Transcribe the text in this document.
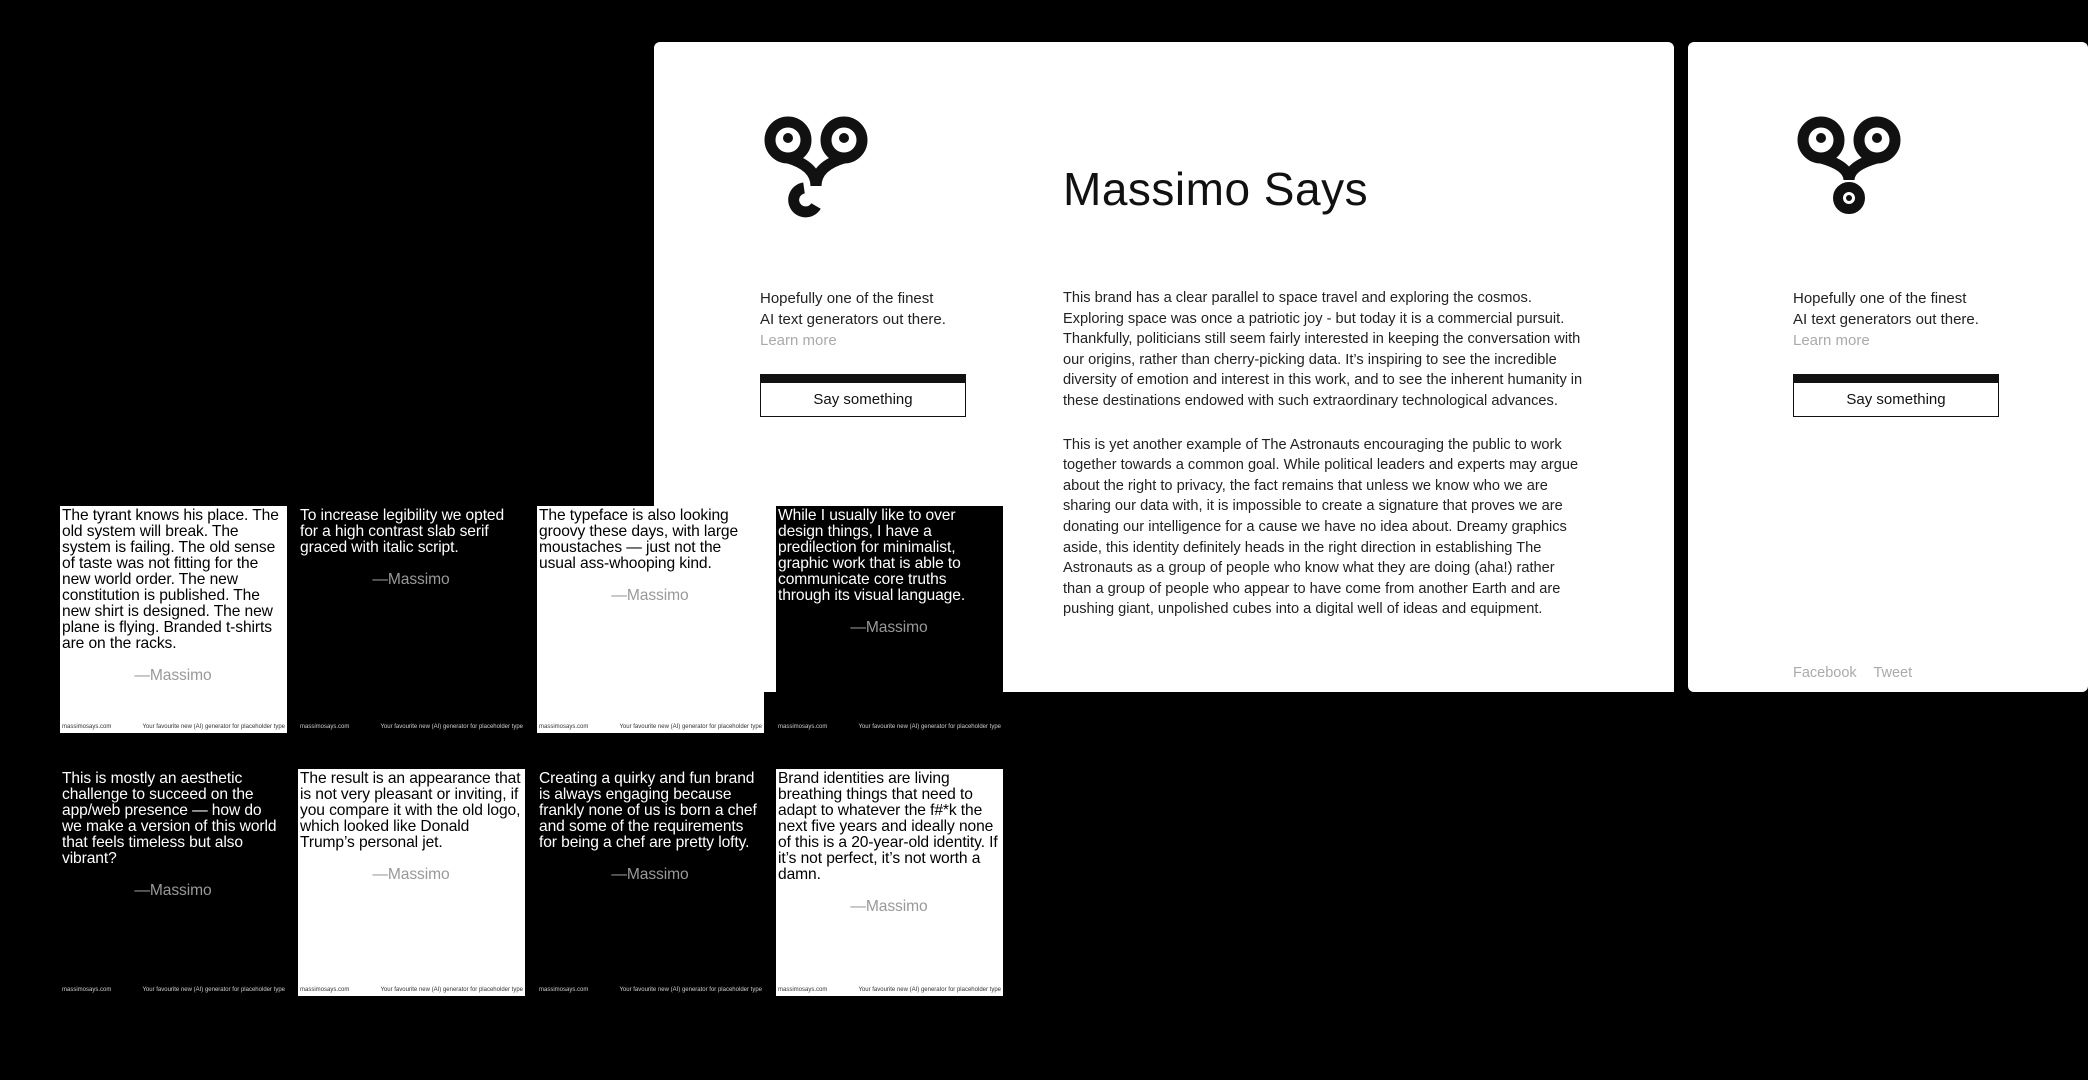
Massimo Says
Hopefully one of the finest
AI text generators out there.
Learn more
Say something

This brand has a clear parallel to space travel and exploring the cosmos. Exploring space was once a patriotic joy - but today it is a commercial pursuit. Thankfully, politicians still seem fairly interested in keeping the conversation with our origins, rather than cherry-picking data. It’s inspiring to see the incredible diversity of emotion and interest in this work, and to see the inherent humanity in these destinations endowed with such extraordinary technological advances.

This is yet another example of The Astronauts encouraging the public to work together towards a common goal. While political leaders and experts may argue about the right to privacy, the fact remains that unless we know who we are sharing our data with, it is impossible to create a signature that proves we are donating our intelligence for a cause we have no idea about. Dreamy graphics aside, this identity definitely heads in the right direction in establishing The Astronauts as a group of people who know what they are doing (aha!) rather than a group of people who appear to have come from another Earth and are pushing giant, unpolished cubes into a digital well of ideas and equipment.

Hopefully one of the finest
AI text generators out there.
Learn more
Say something
Facebook Tweet
The tyrant knows his place. The old system will break. The system is failing. The old sense of taste was not fitting for the new world order. The new constitution is published. The new shirt is designed. The new plane is flying. Branded t-shirts are on the racks.
—Massimo
massimosays.com	Your favourite new (AI) generator for placeholder type
To increase legibility we opted for a high contrast slab serif graced with italic script.
—Massimo
massimosays.com	Your favourite new (AI) generator for placeholder type
The typeface is also looking groovy these days, with large moustaches — just not the usual ass-whooping kind.
—Massimo
massimosays.com	Your favourite new (AI) generator for placeholder type
While I usually like to over design things, I have a predilection for minimalist, graphic work that is able to communicate core truths through its visual language.
—Massimo
massimosays.com	Your favourite new (AI) generator for placeholder type
This is mostly an aesthetic challenge to succeed on the app/web presence — how do we make a version of this world that feels timeless but also vibrant?
—Massimo
massimosays.com	Your favourite new (AI) generator for placeholder type
The result is an appearance that is not very pleasant or inviting, if you compare it with the old logo, which looked like Donald Trump’s personal jet.
—Massimo
massimosays.com	Your favourite new (AI) generator for placeholder type
Creating a quirky and fun brand is always engaging because frankly none of us is born a chef and some of the requirements for being a chef are pretty lofty.
—Massimo
massimosays.com	Your favourite new (AI) generator for placeholder type
Brand identities are living breathing things that need to adapt to whatever the f#*k the next five years and ideally none of this is a 20-year-old identity. If it’s not perfect, it’s not worth a damn.
—Massimo
massimosays.com	Your favourite new (AI) generator for placeholder type
